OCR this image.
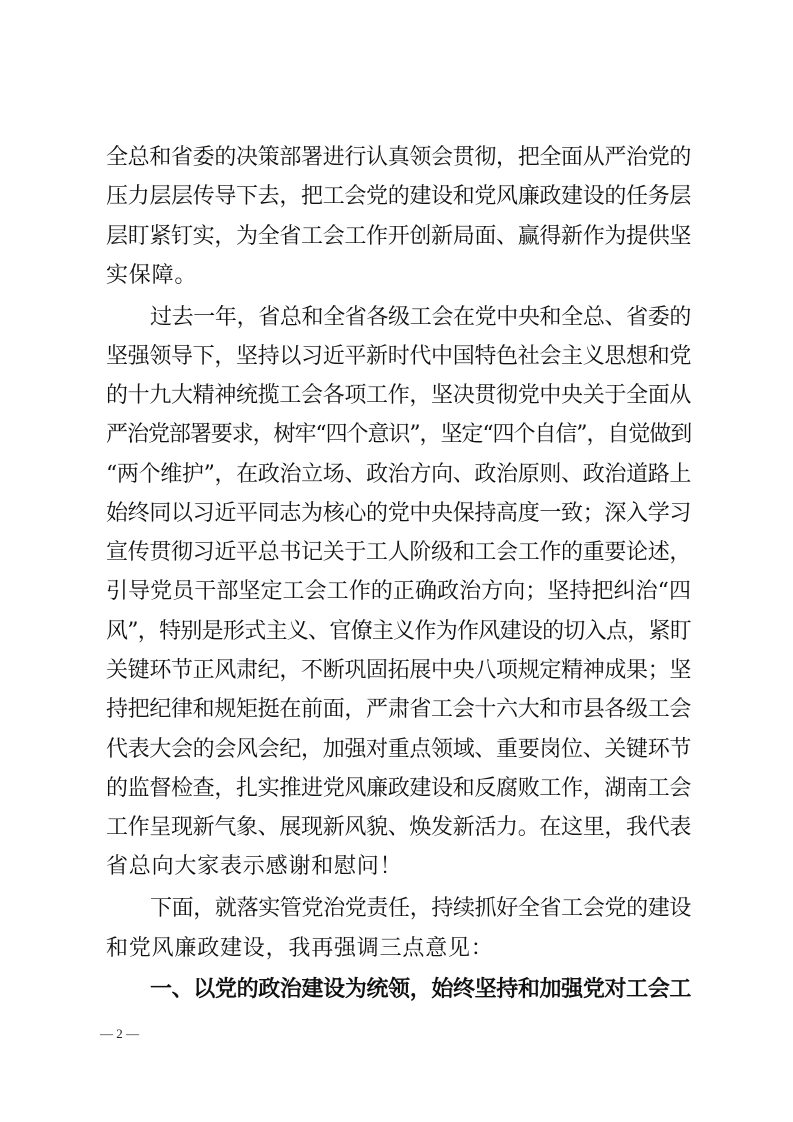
全总和省委的决策部署进行认真领会贯彻，把全面从严治党的
压力层层传导下去，把工会党的建设和党风廉政建设的任务层
层盯紧钉实，为全省工会工作开创新局面、赢得新作为提供坚
实保障。
过去一年，省总和全省各级工会在党中央和全总、省委的
坚强领导下，坚持以习近平新时代中国特色社会主义思想和党
的十九大精神统揽工会各项工作，坚决贯彻党中央关于全面从
严治党部署要求，树牢“四个意识”，坚定“四个自信”，自觉做到
“两个维护”，在政治立场、政治方向、政治原则、政治道路上
始终同以习近平同志为核心的党中央保持高度一致；深入学习
宣传贯彻习近平总书记关于工人阶级和工会工作的重要论述，
引导党员干部坚定工会工作的正确政治方向；坚持把纠治“四
风”，特别是形式主义、官僚主义作为作风建设的切入点，紧盯
关键环节正风肃纪，不断巩固拓展中央八项规定精神成果；坚
持把纪律和规矩挺在前面，严肃省工会十六大和市县各级工会
代表大会的会风会纪，加强对重点领域、重要岗位、关键环节
的监督检查，扎实推进党风廉政建设和反腐败工作，湖南工会
工作呈现新气象、展现新风貌、焕发新活力。在这里，我代表
省总向大家表示感谢和慰问！
下面，就落实管党治党责任，持续抓好全省工会党的建设
和党风廉政建设，我再强调三点意见：
一、以党的政治建设为统领，始终坚持和加强党对工会工
— 2 —
